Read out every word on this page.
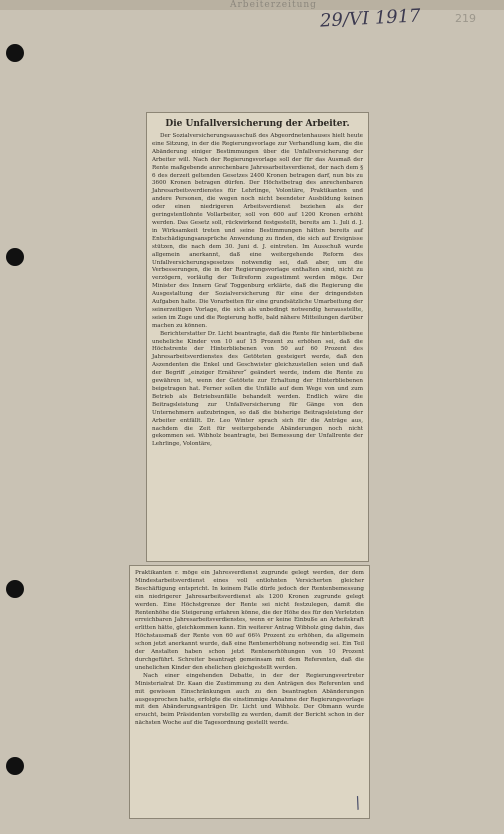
Arbeiterzeitung
29/VI 1917	219
Die Unfallversicherung der Arbeiter.

Der Sozialversicherungsausschuß des Abgeordnetenhauses hielt heute eine Sitzung, in der die Regierungsvorlage zur Verhandlung kam, die die Abänderung einiger Bestimmungen über die Unfallversicherung der Arbeiter will. Nach der Regierungsvorlage soll der für das Ausmaß der Rente maßgebende anrechenbare Jahresarbeitsverdienst, der nach dem § 6 des derzeit geltenden Gesetzes 2400 Kronen betragen darf, nun bis zu 3600 Kronen betragen dürfen. Der Höchstbetrag des anrechenbaren Jahresarbeitsverdienstes für Lehrlinge, Volontäre, Praktikanten und andere Personen, die wegen noch nicht beendeter Ausbildung keinen oder einen niedrigeren Arbeitsverdienst beziehen als der geringstentlohnte Vollarbeiter, soll von 600 auf 1200 Kronen erhöht werden. Das Gesetz soll, rückwirkend festgestellt, bereits am 1. Juli d. J. in Wirksamkeit treten und seine Bestimmungen hätten bereits auf Entschädigungsansprüche Anwendung zu finden, die sich auf Ereignisse stützen, die nach dem 30. Juni d. J. eintreten. Im Ausschuß wurde allgemein anerkannt, daß eine weitergehende Reform des Unfallversicherungsgesetzes notwendig sei, daß aber, um die Verbesserungen, die in der Regierungsvorlage enthalten sind, nicht zu verzögern, vorläufig der Teilreform zugestimmt werden möge. Der Minister des Innern Graf Toggenburg erklärte, daß die Regierung die Ausgestaltung der Sozialversicherung für eine der dringendsten Aufgaben halte. Die Vorarbeiten für eine grundsätzliche Umarbeitung der seinerzeitigen Vorlage, die sich als unbedingt notwendig herausstellte, seien im Zuge und die Regierung hoffe, bald nähere Mitteilungen darüber machen zu können.

Berichterstatter Dr. Licht beantragte, daß die Rente für hinterbliebene uneheliche Kinder von 10 auf 15 Prozent zu erhöhen sei, daß die Höchstrente der Hinterbliebenen von 50 auf 60 Prozent des Jahresarbeitsverdienstes des Getöteten gesteigert werde, daß den Aszendenten die Enkel und Geschwister gleichzustellen seien und daß der Begriff „einziger Ernährer“ geändert werde, indem die Rente zu gewähren ist, wenn der Getötete zur Erhaltung der Hinterbliebenen beigetragen hat. Ferner sollen die Unfälle auf dem Wege von und zum Betrieb als Betriebsunfälle behandelt werden. Endlich wäre die Beitragsleistung zur Unfallversicherung für Gänge von den Unternehmern aufzubringen, so daß die bisherige Beitragsleistung der Arbeiter entfällt. Dr. Leo Winter sprach sich für die Anträge aus, nachdem die Zeit für weitergehende Abänderungen noch nicht gekommen sei. Wibholz beantragte, bei Bemessung der Unfallrente der Lehrlinge, Volontäre,

Praktikanten r. möge ein Jahresverdienst zugrunde gelegt werden, der dem Mindestarbeitsverdienst eines voll entlohnten Versicherten gleicher Beschäftigung entspricht. In keinem Falle dürfe jedoch der Rentenbemessung ein niedrigerer Jahresarbeitsverdienst als 1200 Kronen zugrunde gelegt werden. Eine Höchstgrenze der Rente sei nicht festzulegen, damit die Rentenhöhe die Steigerung erfahren könne, die der Höhe des für den Verletzten erreichbaren Jahresarbeitsverdienstes, wenn er keine Einbuße an Arbeitskraft erlitten hätte, gleichkommen kann. Ein weiterer Antrag Wibholz ging dahin, das Höchstausmaß der Rente von 60 auf 66⅔ Prozent zu erhöhen, da allgemein schon jetzt anerkannt wurde, daß eine Rentenerhöhung notwendig sei. Ein Teil der Anstalten haben schon jetzt Rentenerhöhungen von 10 Prozent durchgeführt. Schreiter beantragt gemeinsam mit dem Referenten, daß die unehelichen Kinder den ehelichen gleichgestellt werden.

Nach einer eingehenden Debatte, in der der Regierungsvertreter Ministerialrat Dr. Kaan die Zustimmung zu den Anträgen des Referenten und mit gewissen Einschränkungen auch zu den beantragten Abänderungen ausgesprochen hatte, erfolgte die einstimmige Annahme der Regierungsvorlage mit den Abänderungsanträgen Dr. Licht und Wibholz. Der Obmann wurde ersucht, beim Präsidenten vorstellig zu werden, damit der Bericht schon in der nächsten Woche auf die Tagesordnung gestellt werde.

/
